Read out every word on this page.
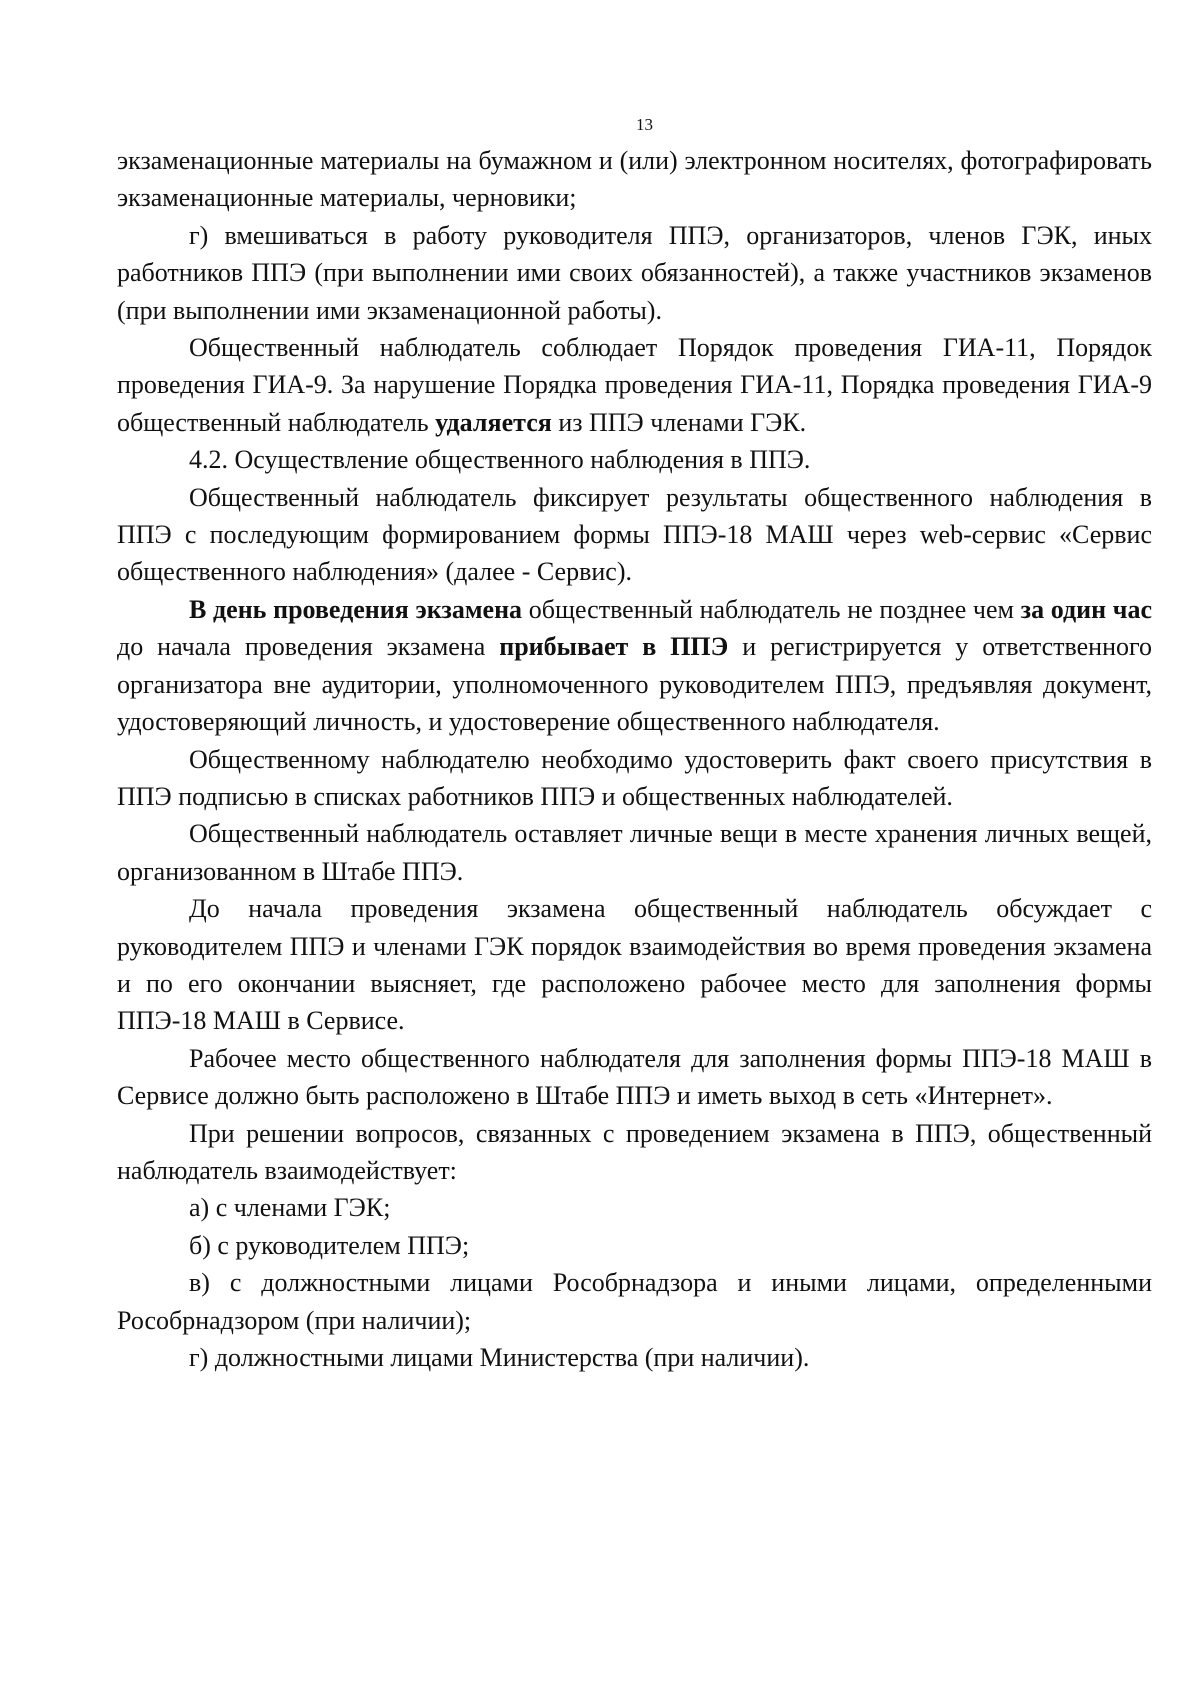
13

экзаменационные материалы на бумажном и (или) электронном носителях, фотографировать экзаменационные материалы, черновики;

г) вмешиваться в работу руководителя ППЭ, организаторов, членов ГЭК, иных работников ППЭ (при выполнении ими своих обязанностей), а также участников экзаменов (при выполнении ими экзаменационной работы).

Общественный наблюдатель соблюдает Порядок проведения ГИА-11, Порядок проведения ГИА-9. За нарушение Порядка проведения ГИА-11, Порядка проведения ГИА-9 общественный наблюдатель удаляется из ППЭ членами ГЭК.

4.2. Осуществление общественного наблюдения в ППЭ.

Общественный наблюдатель фиксирует результаты общественного наблюдения в ППЭ с последующим формированием формы ППЭ-18 МАШ через web-сервис «Сервис общественного наблюдения» (далее - Сервис).

В день проведения экзамена общественный наблюдатель не позднее чем за один час до начала проведения экзамена прибывает в ППЭ и регистрируется у ответственного организатора вне аудитории, уполномоченного руководителем ППЭ, предъявляя документ, удостоверяющий личность, и удостоверение общественного наблюдателя.

Общественному наблюдателю необходимо удостоверить факт своего присутствия в ППЭ подписью в списках работников ППЭ и общественных наблюдателей.

Общественный наблюдатель оставляет личные вещи в месте хранения личных вещей, организованном в Штабе ППЭ.

До начала проведения экзамена общественный наблюдатель обсуждает с руководителем ППЭ и членами ГЭК порядок взаимодействия во время проведения экзамена и по его окончании выясняет, где расположено рабочее место для заполнения формы ППЭ-18 МАШ в Сервисе.

Рабочее место общественного наблюдателя для заполнения формы ППЭ-18 МАШ в Сервисе должно быть расположено в Штабе ППЭ и иметь выход в сеть «Интернет».

При решении вопросов, связанных с проведением экзамена в ППЭ, общественный наблюдатель взаимодействует:

а) с членами ГЭК;

б) с руководителем ППЭ;

в) с должностными лицами Рособрнадзора и иными лицами, определенными Рособрнадзором (при наличии);

г) должностными лицами Министерства (при наличии).
